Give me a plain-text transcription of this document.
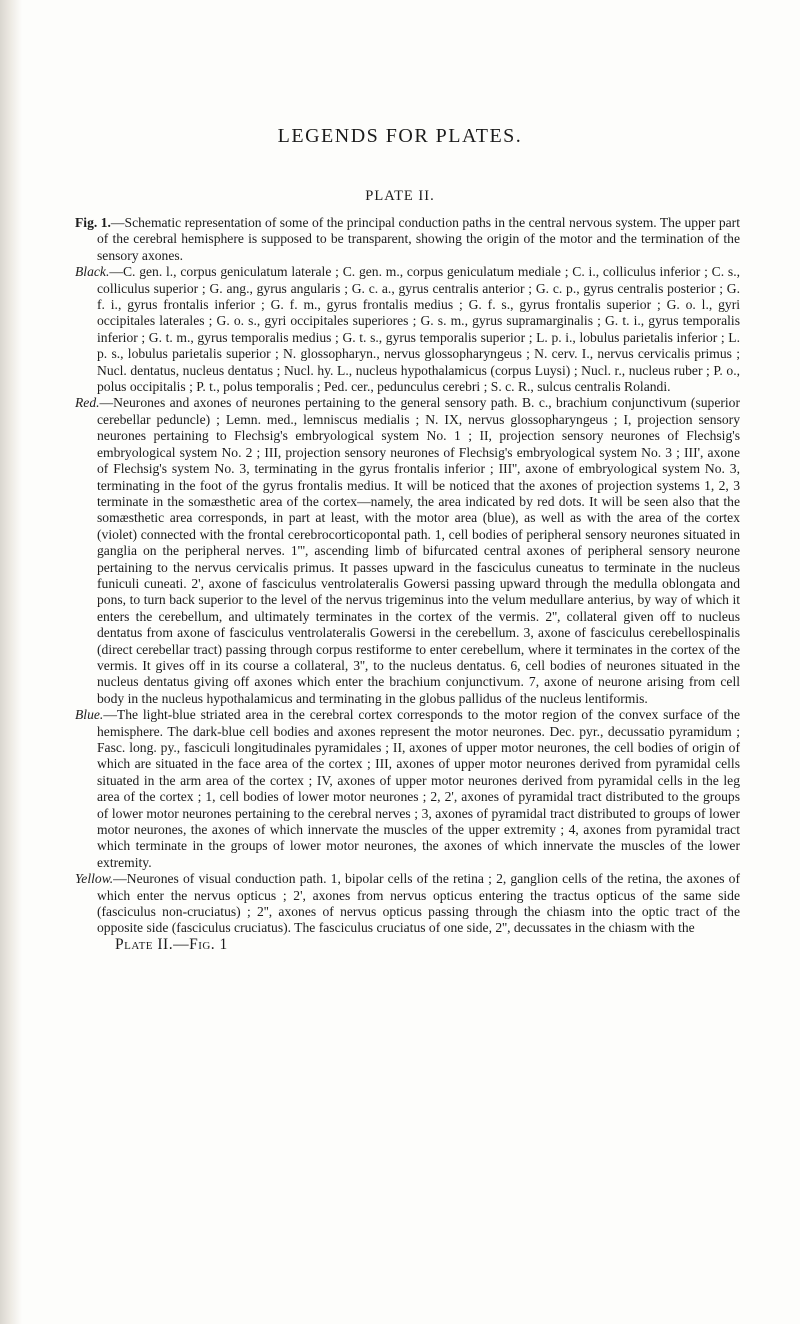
LEGENDS FOR PLATES.
PLATE II.

Fig. 1.—Schematic representation of some of the principal conduction paths in the central nervous system. The upper part of the cerebral hemisphere is supposed to be transparent, showing the origin of the motor and the termination of the sensory axones.

Black.—C. gen. l., corpus geniculatum laterale ; C. gen. m., corpus geniculatum mediale ; C. i., colliculus inferior ; C. s., colliculus superior ; G. ang., gyrus angularis ; G. c. a., gyrus centralis anterior ; G. c. p., gyrus centralis posterior ; G. f. i., gyrus frontalis inferior ; G. f. m., gyrus frontalis medius ; G. f. s., gyrus frontalis superior ; G. o. l., gyri occipitales laterales ; G. o. s., gyri occipitales superiores ; G. s. m., gyrus supramarginalis ; G. t. i., gyrus temporalis inferior ; G. t. m., gyrus temporalis medius ; G. t. s., gyrus temporalis superior ; L. p. i., lobulus parietalis inferior ; L. p. s., lobulus parietalis superior ; N. glossopharyn., nervus glossopharyngeus ; N. cerv. I., nervus cervicalis primus ; Nucl. dentatus, nucleus dentatus ; Nucl. hy. L., nucleus hypothalamicus (corpus Luysi) ; Nucl. r., nucleus ruber ; P. o., polus occipitalis ; P. t., polus temporalis ; Ped. cer., pedunculus cerebri ; S. c. R., sulcus centralis Rolandi.

Red.—Neurones and axones of neurones pertaining to the general sensory path. B. c., brachium conjunctivum (superior cerebellar peduncle) ; Lemn. med., lemniscus medialis ; N. IX, nervus glossopharyngeus ; I, projection sensory neurones pertaining to Flechsig's embryological system No. 1 ; II, projection sensory neurones of Flechsig's embryological system No. 2 ; III, projection sensory neurones of Flechsig's embryological system No. 3 ; III', axone of Flechsig's system No. 3, terminating in the gyrus frontalis inferior ; III'', axone of embryological system No. 3, terminating in the foot of the gyrus frontalis medius. It will be noticed that the axones of projection systems 1, 2, 3 terminate in the somæsthetic area of the cortex—namely, the area indicated by red dots. It will be seen also that the somæsthetic area corresponds, in part at least, with the motor area (blue), as well as with the area of the cortex (violet) connected with the frontal cerebrocorticopontal path. 1, cell bodies of peripheral sensory neurones situated in ganglia on the peripheral nerves. 1''', ascending limb of bifurcated central axones of peripheral sensory neurone pertaining to the nervus cervicalis primus. It passes upward in the fasciculus cuneatus to terminate in the nucleus funiculi cuneati. 2', axone of fasciculus ventrolateralis Gowersi passing upward through the medulla oblongata and pons, to turn back superior to the level of the nervus trigeminus into the velum medullare anterius, by way of which it enters the cerebellum, and ultimately terminates in the cortex of the vermis. 2'', collateral given off to nucleus dentatus from axone of fasciculus ventrolateralis Gowersi in the cerebellum. 3, axone of fasciculus cerebellospinalis (direct cerebellar tract) passing through corpus restiforme to enter cerebellum, where it terminates in the cortex of the vermis. It gives off in its course a collateral, 3'', to the nucleus dentatus. 6, cell bodies of neurones situated in the nucleus dentatus giving off axones which enter the brachium conjunctivum. 7, axone of neurone arising from cell body in the nucleus hypothalamicus and terminating in the globus pallidus of the nucleus lentiformis.

Blue.—The light-blue striated area in the cerebral cortex corresponds to the motor region of the convex surface of the hemisphere. The dark-blue cell bodies and axones represent the motor neurones. Dec. pyr., decussatio pyramidum ; Fasc. long. py., fasciculi longitudinales pyramidales ; II, axones of upper motor neurones, the cell bodies of origin of which are situated in the face area of the cortex ; III, axones of upper motor neurones derived from pyramidal cells situated in the arm area of the cortex ; IV, axones of upper motor neurones derived from pyramidal cells in the leg area of the cortex ; 1, cell bodies of lower motor neurones ; 2, 2', axones of pyramidal tract distributed to the groups of lower motor neurones pertaining to the cerebral nerves ; 3, axones of pyramidal tract distributed to groups of lower motor neurones, the axones of which innervate the muscles of the upper extremity ; 4, axones from pyramidal tract which terminate in the groups of lower motor neurones, the axones of which innervate the muscles of the lower extremity.

Yellow.—Neurones of visual conduction path. 1, bipolar cells of the retina ; 2, ganglion cells of the retina, the axones of which enter the nervus opticus ; 2', axones from nervus opticus entering the tractus opticus of the same side (fasciculus non-cruciatus) ; 2'', axones of nervus opticus passing through the chiasm into the optic tract of the opposite side (fasciculus cruciatus). The fasciculus cruciatus of one side, 2'', decussates in the chiasm with the

Plate II.—Fig. 1
